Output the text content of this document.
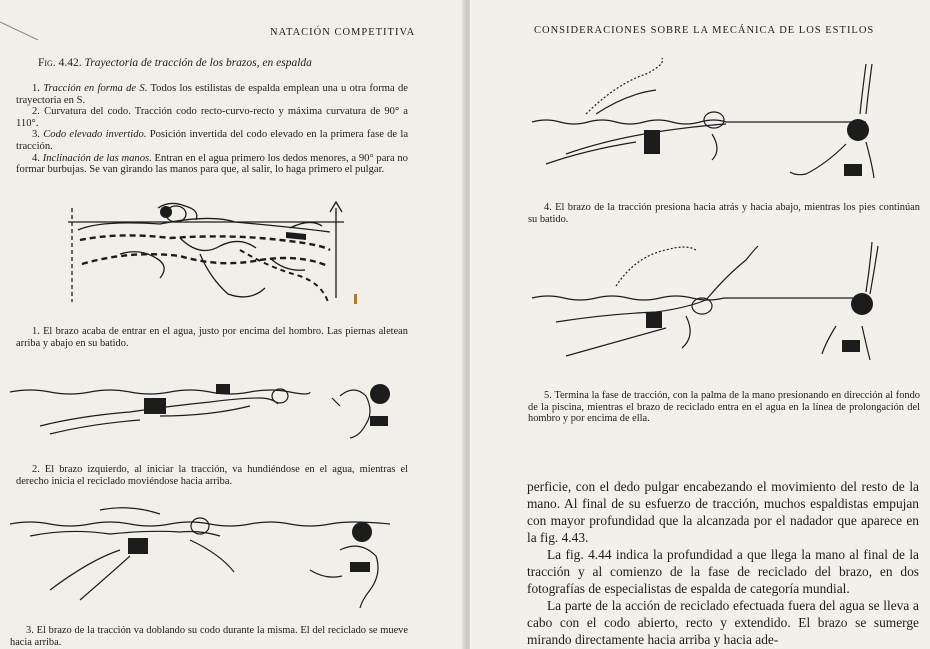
NATACIÓN COMPETITIVA
Fig. 4.42. Trayectoria de tracción de los brazos, en espalda
1. Tracción en forma de S. Todos los estilistas de espalda emplean una u otra forma de trayectoria en S.
2. Curvatura del codo. Tracción codo recto-curvo-recto y máxima curvatura de 90° a 110°.
3. Codo elevado invertido. Posición invertida del codo elevado en la primera fase de la tracción.
4. Inclinación de las manos. Entran en el agua primero los dedos menores, a 90° para no formar burbujas. Se van girando las manos para que, al salir, lo haga primero el pulgar.
1. El brazo acaba de entrar en el agua, justo por encima del hombro. Las piernas aletean arriba y abajo en su batido.
2. El brazo izquierdo, al iniciar la tracción, va hundiéndose en el agua, mientras el derecho inicia el reciclado moviéndose hacia arriba.
3. El brazo de la tracción va doblando su codo durante la misma. El del reciclado se mueve hacia arriba.
CONSIDERACIONES SOBRE LA MECÁNICA DE LOS ESTILOS
4. El brazo de la tracción presiona hacia atrás y hacia abajo, mientras los pies continúan su batido.
5. Termina la fase de tracción, con la palma de la mano presionando en dirección al fondo de la piscina, mientras el brazo de reciclado entra en el agua en la línea de prolongación del hombro y por encima de ella.

perficie, con el dedo pulgar encabezando el movimiento del resto de la mano. Al final de su esfuerzo de tracción, muchos espaldistas empujan con mayor profundidad que la alcanzada por el nadador que aparece en la fig. 4.43.

La fig. 4.44 indica la profundidad a que llega la mano al final de la tracción y al comienzo de la fase de reciclado del brazo, en dos fotografías de especialistas de espalda de categoría mundial.

La parte de la acción de reciclado efectuada fuera del agua se lleva a cabo con el codo abierto, recto y extendido. El brazo se sumerge mirando directamente hacia arriba y hacia ade-
